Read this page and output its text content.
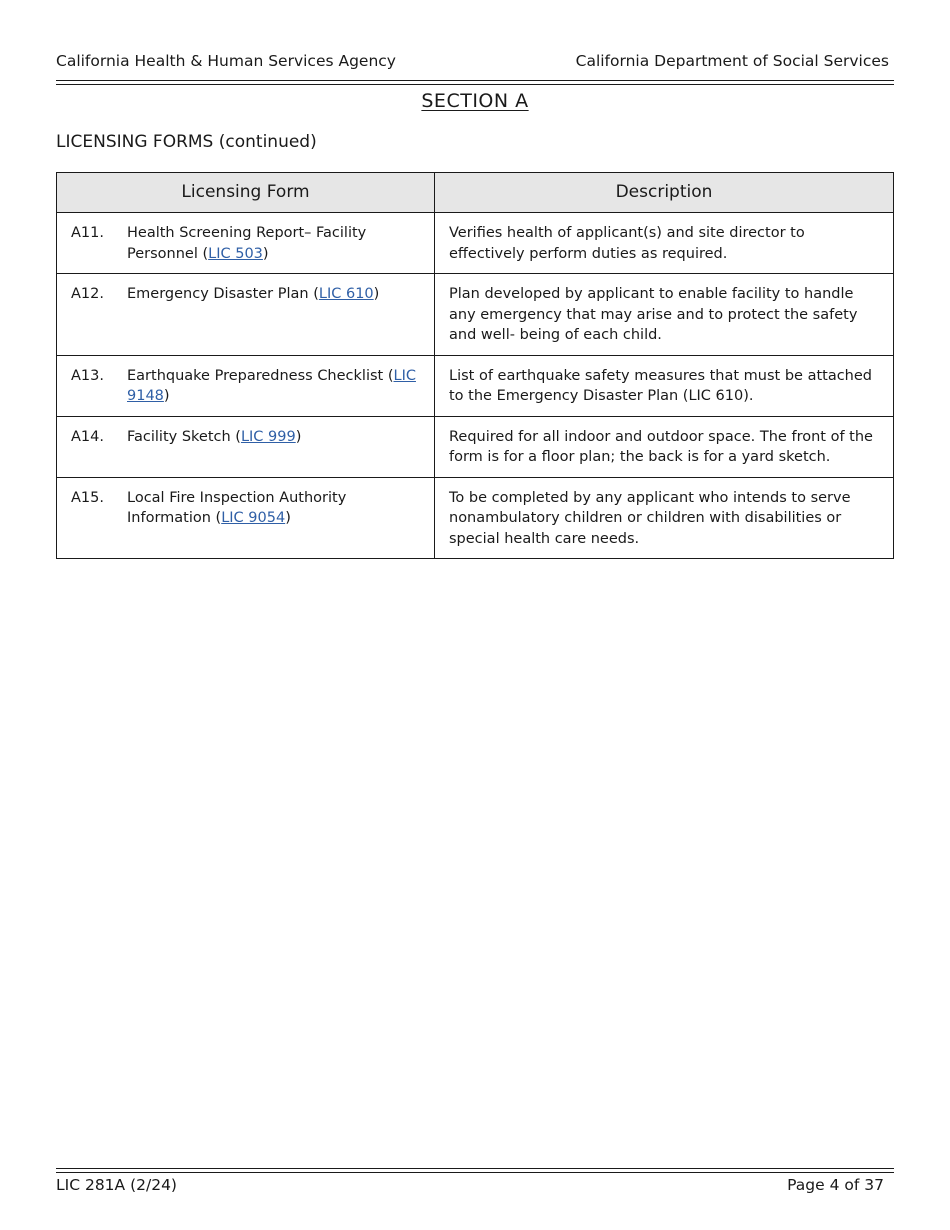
California Health & Human Services Agency	California Department of Social Services
SECTION A
LICENSING FORMS (continued)
Licensing Form	Description

A11. Health Screening Report– Facility Personnel (LIC 503)	Verifies health of applicant(s) and site director to effectively perform duties as required.

A12. Emergency Disaster Plan (LIC 610)	Plan developed by applicant to enable facility to handle any emergency that may arise and to protect the safety and well- being of each child.

A13. Earthquake Preparedness Checklist (LIC 9148)	List of earthquake safety measures that must be attached to the Emergency Disaster Plan (LIC 610).

A14. Facility Sketch (LIC 999)	Required for all indoor and outdoor space. The front of the form is for a floor plan; the back is for a yard sketch.

A15. Local Fire Inspection Authority Information (LIC 9054)	To be completed by any applicant who intends to serve nonambulatory children or children with disabilities or special health care needs.
LIC 281A (2/24)	Page 4 of 37
